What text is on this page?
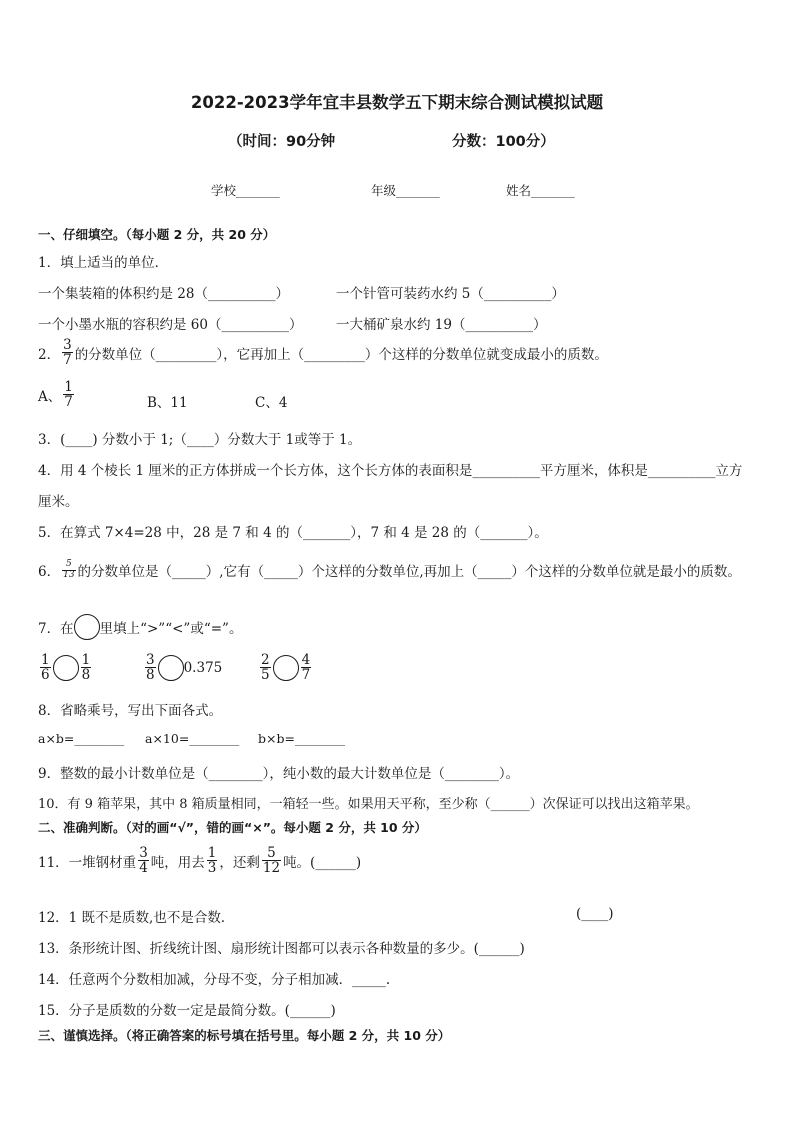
2022-2023学年宜丰县数学五下期末综合测试模拟试题
（时间：90分钟	分数：100分）
学校_______	年级_______	姓名_______
一、仔细填空。（每小题 2 分，共 20 分）
1．填上适当的单位．
一个集装箱的体积约是 28（__________）	一个针管可装药水约 5（__________）
一个小墨水瓶的容积约是 60（__________） 一大桶矿泉水约 19（__________）
2． $\frac{3}{7}$ 的分数单位（_________），它再加上（_________）个这样的分数单位就变成最小的质数。
A、 $\frac{1}{7}$	B、11	C、4
3．(____) 分数小于 1;（____）分数大于 1或等于 1。
4．用 4 个棱长 1 厘米的正方体拼成一个长方体，这个长方体的表面积是__________平方厘米，体积是__________立方
厘米。
5．在算式 7×4=28 中，28 是 7 和 4 的（_______），7 和 4 是 28 的（_______）。
6． $\frac{5}{13}$ 的分数单位是（_____）,它有（_____）个这样的分数单位,再加上（_____）个这样的分数单位就是最小的质数。
7．在 里填上“>”“<”或“=”。
$\frac{1}{6} \frac{1}{8}$	$\frac{3}{8} 0.375$	$\frac{2}{5} \frac{4}{7}$
8．省略乘号，写出下面各式。
a×b=________ a×10=________ b×b=________
9．整数的最小计数单位是（________），纯小数的最大计数单位是（________）。
10．有 9 箱苹果，其中 8 箱质量相同，一箱轻一些。如果用天平称，至少称（______）次保证可以找出这箱苹果。
二、准确判断。（对的画“√”，错的画“×”。每小题 2 分，共 10 分）
11．一堆钢材重 $\frac{3}{4}$ 吨，用去 $\frac{1}{3}$ ，还剩 $\frac{5}{12}$ 吨。(______)
12．1 既不是质数,也不是合数．	(____)
13．条形统计图、折线统计图、扇形统计图都可以表示各种数量的多少。(______)
14．任意两个分数相加减，分母不变，分子相加减．_____.
15．分子是质数的分数一定是最简分数。(______)
三、谨慎选择。（将正确答案的标号填在括号里。每小题 2 分，共 10 分）
